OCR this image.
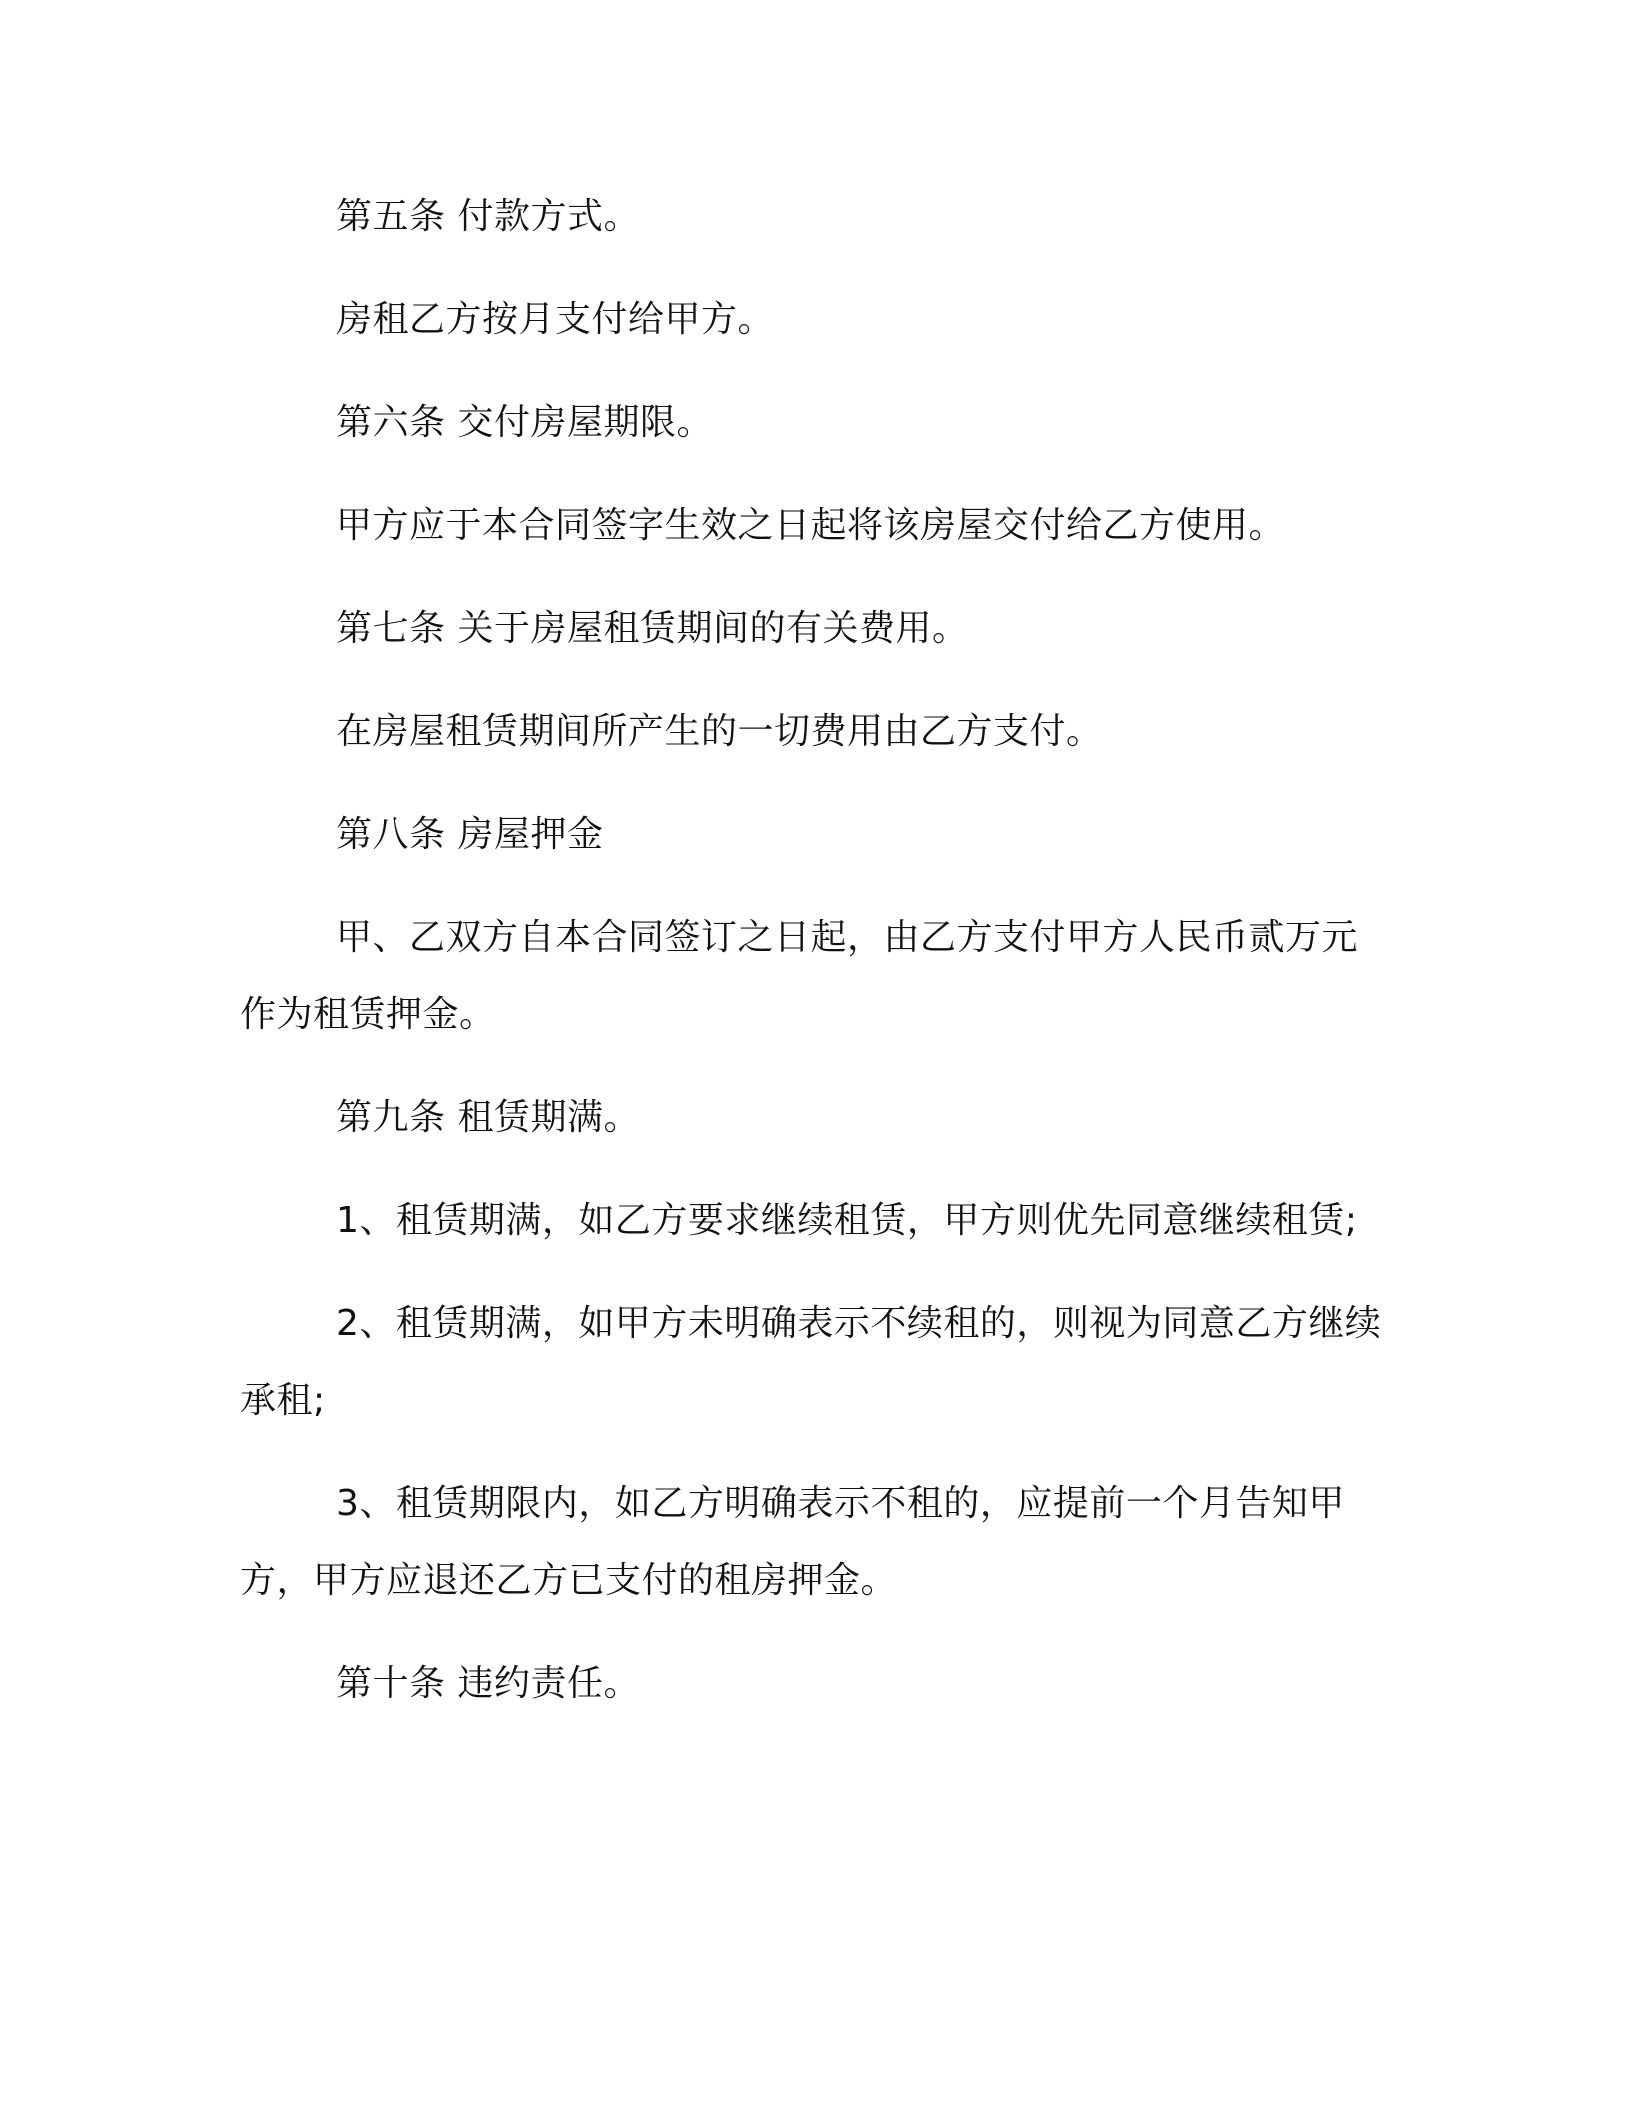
第五条 付款方式。

房租乙方按月支付给甲方。

第六条 交付房屋期限。

甲方应于本合同签字生效之日起将该房屋交付给乙方使用。

第七条 关于房屋租赁期间的有关费用。

在房屋租赁期间所产生的一切费用由乙方支付。

第八条 房屋押金

甲、乙双方自本合同签订之日起，由乙方支付甲方人民币贰万元作为租赁押金。

第九条 租赁期满。

1、租赁期满，如乙方要求继续租赁，甲方则优先同意继续租赁;

2、租赁期满，如甲方未明确表示不续租的，则视为同意乙方继续承租;

3、租赁期限内，如乙方明确表示不租的，应提前一个月告知甲方，甲方应退还乙方已支付的租房押金。

第十条 违约责任。
